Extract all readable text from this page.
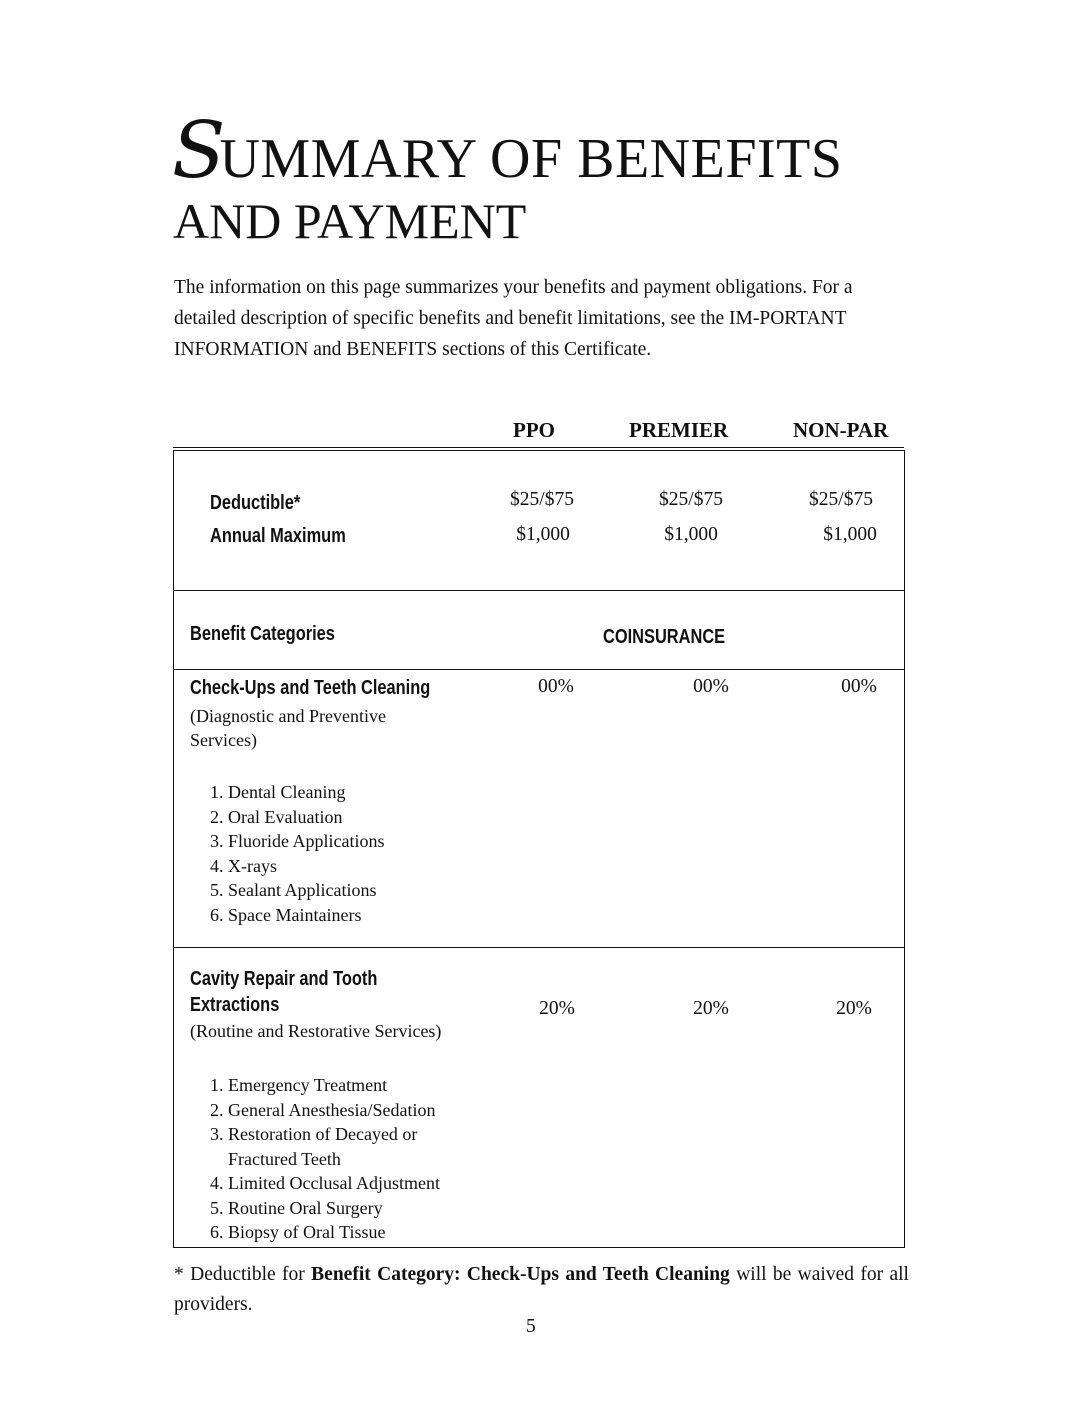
SUMMARY OF BENEFITS
AND PAYMENT
The information on this page summarizes your benefits and payment obligations. For a detailed description of specific benefits and benefit limitations, see the IM-PORTANT INFORMATION and BENEFITS sections of this Certificate.
PPO	PREMIER	NON-PAR
Deductible*	$25/$75	$25/$75	$25/$75
Annual Maximum	$1,000	$1,000	$1,000
Benefit Categories	COINSURANCE
Check-Ups and Teeth Cleaning
(Diagnostic and Preventive Services)
00%	00%	00%
1. Dental Cleaning
2. Oral Evaluation
3. Fluoride Applications
4. X-rays
5. Sealant Applications
6. Space Maintainers
Cavity Repair and Tooth Extractions
(Routine and Restorative Services)
20%	20%	20%
1. Emergency Treatment
2. General Anesthesia/Sedation
3. Restoration of Decayed or
Fractured Teeth
4. Limited Occlusal Adjustment
5. Routine Oral Surgery
6. Biopsy of Oral Tissue
* Deductible for Benefit Category: Check-Ups and Teeth Cleaning will be waived for all providers.
5
